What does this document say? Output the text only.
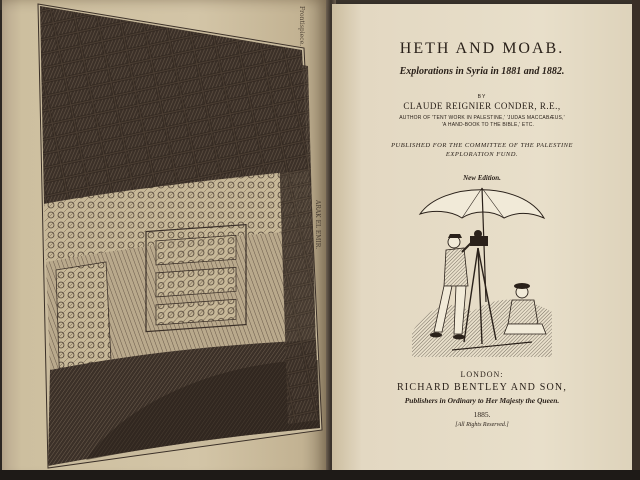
Frontispiece.
ARAK EL EMIR.
HETH AND MOAB.
Explorations in Syria in 1881 and 1882.
BY
CLAUDE REIGNIER CONDER, R.E.,
AUTHOR OF 'TENT WORK IN PALESTINE,' 'JUDAS MACCABÆUS,'
'A HAND-BOOK TO THE BIBLE,' ETC.
PUBLISHED FOR THE COMMITTEE OF THE PALESTINE
EXPLORATION FUND.
New Edition.
LONDON:
RICHARD BENTLEY AND SON,
Publishers in Ordinary to Her Majesty the Queen.
1885.
[All Rights Reserved.]
